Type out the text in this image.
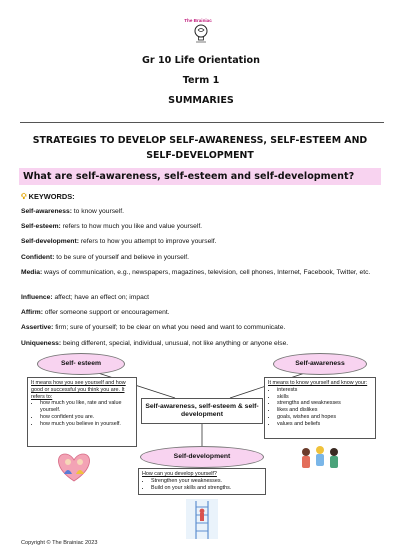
The Brainiac
Gr 10 Life Orientation
Term 1
SUMMARIES
STRATEGIES TO DEVELOP SELF-AWARENESS, SELF-ESTEEM AND SELF-DEVELOPMENT
What are self-awareness, self-esteem and self-development?
💡︎ KEYWORDS:
Self-awareness: to know yourself.
Self-esteem: refers to how much you like and value yourself.
Self-development: refers to how you attempt to improve yourself.
Confident: to be sure of yourself and believe in yourself.
Media: ways of communication, e.g., newspapers, magazines, television, cell phones, Internet, Facebook, Twitter, etc.
Influence: affect; have an effect on; impact
Affirm: offer someone support or encouragement.
Assertive: firm; sure of yourself; to be clear on what you need and want to communicate.
Uniqueness: being different, special, individual, unusual, not like anything or anyone else.
Self- esteem
It means how you see yourself and how good or successful you think you are. It refers to:
• how much you like, rate and value yourself.
• how confident you are.
• how much you believe in yourself.
Self-awareness
It means to know yourself and know your:
• interests
• skills
• strengths and weaknesses
• likes and dislikes
• goals, wishes and hopes
• values and beliefs
Self-awareness, self-esteem & self-development
Self-development
How can you develop yourself?
• Strengthen your weaknesses.
• Build on your skills and strengths.
Copyright © The Brainiac 2023
